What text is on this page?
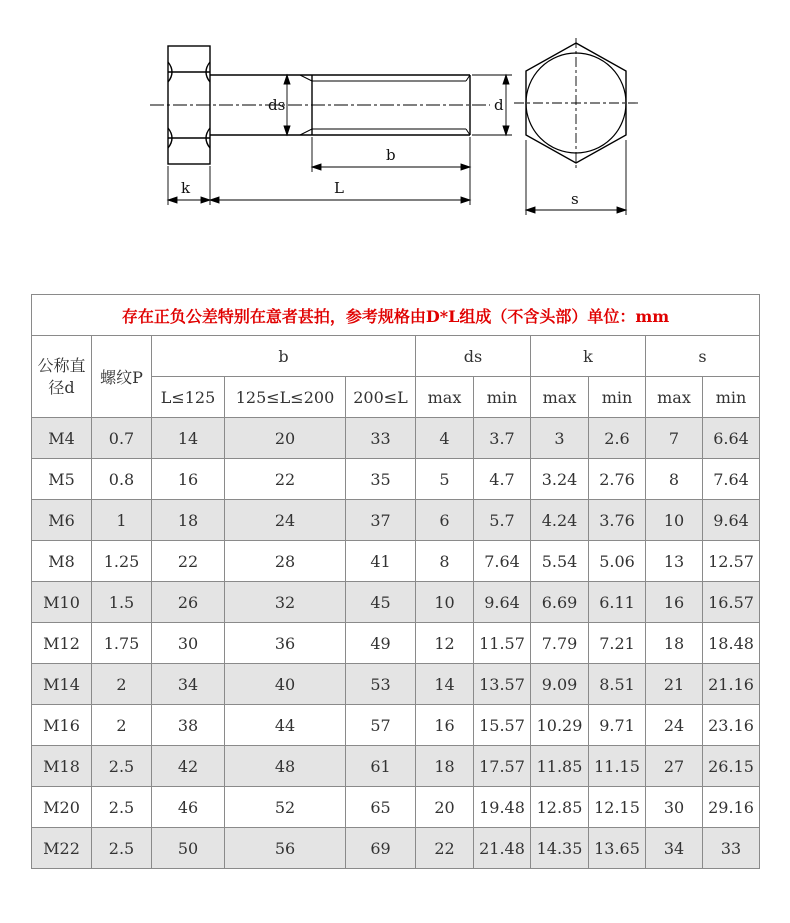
ds	d
b
k	L
s
存在正负公差特别在意者甚拍，参考规格由D*L组成（不含头部）单位：mm										
公称直径d	螺纹P	b			ds		k		s	
		L≤125	125≤L≤200	200≤L	max	min	max	min	max	min
M4	0.7	14	20	33	4	3.7	3	2.6	7	6.64
M5	0.8	16	22	35	5	4.7	3.24	2.76	8	7.64
M6	1	18	24	37	6	5.7	4.24	3.76	10	9.64
M8	1.25	22	28	41	8	7.64	5.54	5.06	13	12.57
M10	1.5	26	32	45	10	9.64	6.69	6.11	16	16.57
M12	1.75	30	36	49	12	11.57	7.79	7.21	18	18.48
M14	2	34	40	53	14	13.57	9.09	8.51	21	21.16
M16	2	38	44	57	16	15.57	10.29	9.71	24	23.16
M18	2.5	42	48	61	18	17.57	11.85	11.15	27	26.15
M20	2.5	46	52	65	20	19.48	12.85	12.15	30	29.16
M22	2.5	50	56	69	22	21.48	14.35	13.65	34	33
